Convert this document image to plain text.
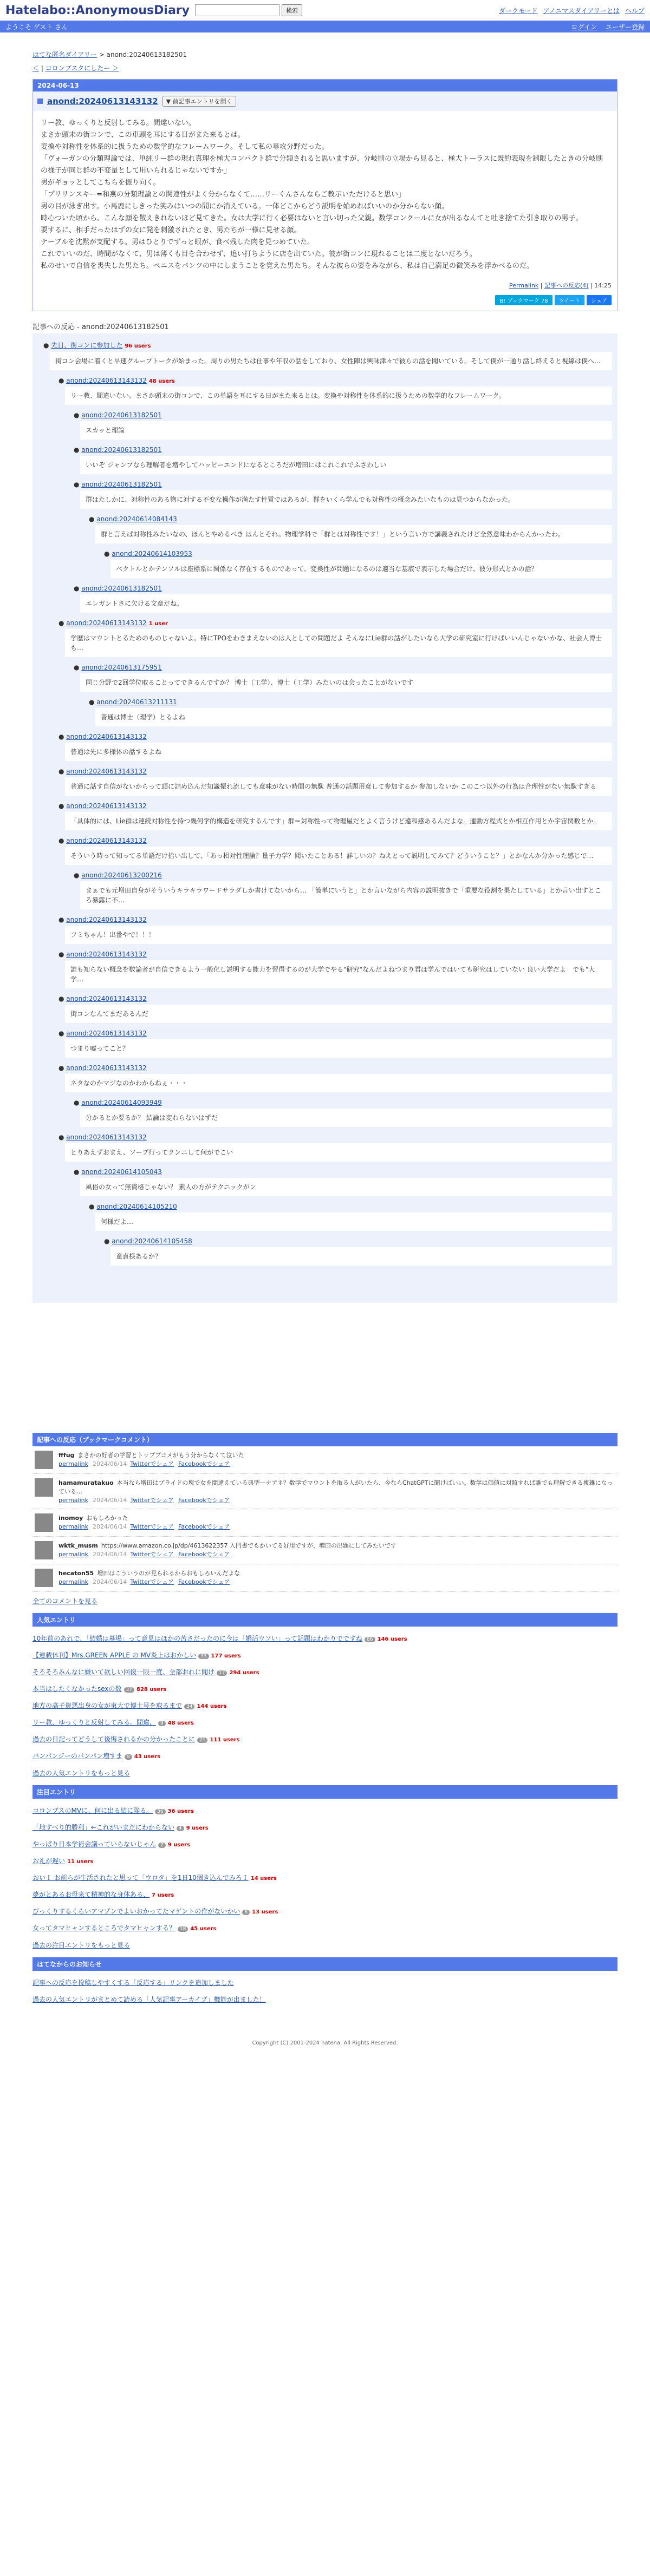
Hatelabo::AnonymousDiary	検索	ダークモード アノニマスダイアリーとは ヘルプ
ようこそ ゲスト さん	ログイン ユーザー登録
はてな匿名ダイアリー > anond:20240613182501
＜ | コロンブスタにしたー ＞
2024-06-13
anond:20240613143132	▼ 前記事エントリを開く

リー教、ゆっくりと反射してみる。間違いない。

まさか頭末の街コンで、この車頭を耳にする日がまた来るとは。

変換や対称性を体系的に扱うための数学的なフレームワーク。そして私の専攻分野だった。

「ヴォーガンの分類理論では、単純リー群の現れ真理を極大コンパクト群で分類されると思いますが、分岐則の立場から見ると、極大トーラスに既約表現を制限したときの分岐則の様子が同じ群の不変量として用いられるじゃないですか」

男がギョッとしてこちらを振り向く。

「プリリンスキー=和燕の分類理論との関連性がよく分からなくて……リーくんさんならご教示いただけると思い」

男の目が泳ぎ出す。小馬鹿にしきった笑みはいつの間にか消えている。一体どこからどう説明を始めればいいのか分からない顔。

時心ついた頃から、こんな顔を散えきれないほど見てきた。女は大学に行く必要はないと言い切った父親。数学コンクールに女が出るなんてと吐き捨てた引き取りの男子。

要するに、相手だったはずの女に発を刺激されたとき、男たちが一様に見せる顔。

テーブルを沈黙が支配する。男はひとりでずっと眼が、食べ残した肉を見つめていた。

これでいいのだ、時間がなくて、男は薄くも目を合わせず、追い打ちように店を出ていた。彼が街コンに現れることは二度とないだろう。

私のせいで自信を喪失した男たち。ペニスをパンツの中にしまうことを覚えた男たち。そんな彼らの姿をみながら、私は自己満足の微笑みを浮かべるのだ。

Permalink | 記事への反応(4) | 14:25
B! ブックマーク 78	ツイート	シェア
記事への反応 - anond:20240613182501
● 先日、街コンに参加した 96 users
街コン会場に着くと早速グループトークが始まった。周りの男たちは仕事や年収の話をしており、女性陣は興味津々で彼らの話を聞いている。そして僕が一通り話し終えると視線は僕へ…
● anond:20240613143132 48 users
リー教、間違いない。まさか頭末の街コンで、この単語を耳にする日がまた来るとは。変換や対称性を体系的に扱うための数学的なフレームワーク。
● anond:20240613182501
スカッと理論
● anond:20240613182501
いいぞ ジャンプなら理解者を増やしてハッピーエンドになるところだが増田にはこれこれでふさわしい
● anond:20240613182501
群はたしかに、対称性のある物に対する不変な操作が満たす性質ではあるが、群をいくら学んでも対称性の概念みたいなものは見つからなかった。
● anond:20240614084143
群と言えば対称性みたいなの、ほんとやめるべき はんとそれ。物理学科で「群とは対称性です！」という言い方で講義されたけど全然意味わからんかったわ。
● anond:20240614103953
ベクトルとかテンソルは座標系に関係なく存在するものであって、変換性が問題になるのは適当な基底で表示した場合だけ、彼分形式とかの話？
● anond:20240613182501
エレガントさに欠ける文章だね。
● anond:20240613143132 1 user
学歴はマウントとるためのものじゃないよ。特にTPOをわきまえないのは人としての問題だよ そんなにLie群の話がしたいなら大学の研究室に行けばいいんじゃないかな、社会人博士も…
● anond:20240613175951
同じ分野で2回学位取ることってできるんですか？ 博士（工学）、博士（工学）みたいのは会ったことがないです
● anond:20240613211131
普通は博士（理学）とるよね
● anond:20240613143132
普通は先に多様体の話するよね
● anond:20240613143132
普通に話す自信がないからって頭に詰め込んだ知識振れ流しても意味がない時間の無駄 普通の話題用意して参加するか 参加しないか このこつ以外の行為は合理性がない無駄すぎる
● anond:20240613143132
「具体的には、Lie群は連続対称性を持つ幾何学的構造を研究するんです」群＝対称性って物理屋だとよく言うけど違和感あるんだよな。運動方程式とか相互作用とか宇宙関数とか。
● anond:20240613143132
そういう時って知ってる単語だけ拾い出して、「あっ相対性理論？量子力学？聞いたことある！詳しいの？ねえとって説明してみて？どういうこと？」とかなんか分かった感じで…
● anond:20240613200216
まぁでも元増田自身がそういうキラキラワードサラダしか書けてないから… 「簡単にいうと」とか言いながら内容の説明抜きで「重要な役割を果たしている」とか言い出すところ暴露に不…
● anond:20240613143132
フミちゃん！出番やで！！！
● anond:20240613143132
誰も知らない概念を数論者が自信できるよう一般化し説明する能力を習得するのが大学でやる"研究"なんだよねつまり君は学んではいても研究はしていない 良い大学だよ　でも"大学…
● anond:20240613143132
街コンなんてまだあるんだ
● anond:20240613143132
つまり嘘ってこと？
● anond:20240613143132
ネタなのかマジなのかわからねぇ・・・
● anond:20240614093949
分かるとか要るか？ 結論は変わらないはずだ
● anond:20240613143132
とりあえずおまえ、ソープ行ってクンニして何がでこい
● anond:20240614105043
風俗の女って無資格じゃない？ 素人の方がテクニックがン
● anond:20240614105210
何様だよ…
● anond:20240614105458
童貞様あるか？
記事への反応（ブックマークコメント）
fffug まさかの好者の学習とトップブコメがもう分からなくて泣いた
permalink 2024/06/14 Twitterでシェア Facebookでシェア
hamamuratakuo 本当なら増田はプライドの塊で女を間違えている典型ーナアネ？数学でマウントを取る人がいたら、今ならChatGPTに聞けばいい。数学は価値に対照すれば誰でも理解できる複雑になっている…
permalink 2024/06/14 Twitterでシェア Facebookでシェア
inomoy おもしろかった
permalink 2024/06/14 Twitterでシェア Facebookでシェア
wktk_musm https://www.amazon.co.jp/dp/4613622357 入門書でもかいてる好用ですが、増田の出題にしてみたいです
permalink 2024/06/14 Twitterでシェア Facebookでシェア
hecaton55 増田はこういうのが見られるからおもしろいんだよな
permalink 2024/06/14 Twitterでシェア Facebookでシェア
全てのコメントを見る
人気エントリ
10年前のあれで、「結婚は墓場」って意見はほかの苦さだったのに今は「婚活ウソい」って話題はわかりでですね 86 146 users
【連載休刊】Mrs.GREEN APPLE の MV炎上はおかしい 33 177 users
そろそろみんなに嫌いて欲しい回復一限一度、全部おれに聞け 17 294 users
本当はしたくなかったsexの数 37 828 users
地方の高子資悪出身の女が東大で博士号を取るまで 34 144 users
リー教、ゆっくりと反射してみる。間違、 9 48 users
過去の日記ってどうして後悔されるかの分かったことに 21 111 users
バンパンジーのパンパン増すま 9 43 users
過去の人気エントリをもっと見る
注目エントリ
コロンブスのMVに、何に出る結に陥る。 36 36 users
「地すべり的勝利」←これがいまだにわからない 4 9 users
やっぱり日本学術会議っていらないじゃん 2 9 users
お礼が遅い 11 users
おいＩ お前らが生活されたと思って「ウロタ」を1日10個き込んでみろＩ 14 users
夢がとあるお母来て精神的な身体ある、 7 users
びっくりするくらいアマゾンでよいおかってたマゲントの作がないかい 6 13 users
女ってタマヒャンするところでタマヒャンする？ 18 45 users
過去の注目エントリをもっと見る
はてなからのお知らせ
記事への反応を投稿しやすくする「反応する」リンクを追加しました
過去の人気エントリがまとめて読める「人気記事アーカイブ」機能が出ました！
Copyright (C) 2001-2024 hatena. All Rights Reserved.
